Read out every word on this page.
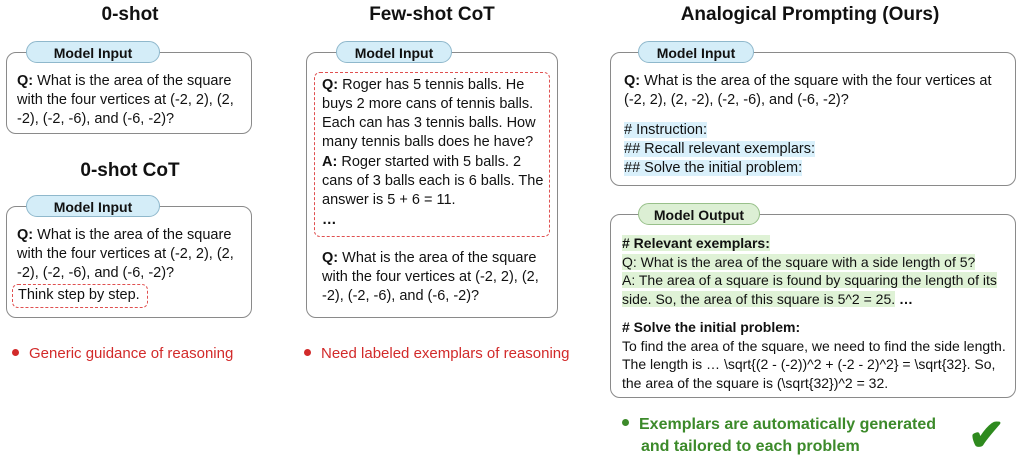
0-shot
Model Input
Q: What is the area of the square with the four vertices at (-2, 2), (2, -2), (-2, -6), and (-6, -2)?
0-shot CoT
Model Input
Q: What is the area of the square with the four vertices at (-2, 2), (2, -2), (-2, -6), and (-6, -2)?
Think step by step.
Generic guidance of reasoning
Few-shot CoT
Model Input
Q: Roger has 5 tennis balls. He buys 2 more cans of tennis balls. Each can has 3 tennis balls. How many tennis balls does he have?
A: Roger started with 5 balls. 2 cans of 3 balls each is 6 balls. The answer is 5 + 6 = 11.
…
Q: What is the area of the square with the four vertices at (-2, 2), (2, -2), (-2, -6), and (-6, -2)?
Need labeled exemplars of reasoning
Analogical Prompting (Ours)
Model Input
Q: What is the area of the square with the four vertices at (-2, 2), (2, -2), (-2, -6), and (-6, -2)?
# Instruction:
## Recall relevant exemplars:
## Solve the initial problem:
Model Output
# Relevant exemplars:
Q: What is the area of the square with a side length of 5?
A: The area of a square is found by squaring the length of its
side. So, the area of this square is 5^2 = 25. …
# Solve the initial problem:
To find the area of the square, we need to find the side length. The length is … \sqrt{(2 - (-2))^2 + (-2 - 2)^2} = \sqrt{32}. So, the area of the square is (\sqrt{32})^2 = 32.
Exemplars are automatically generated
and tailored to each problem	✔
